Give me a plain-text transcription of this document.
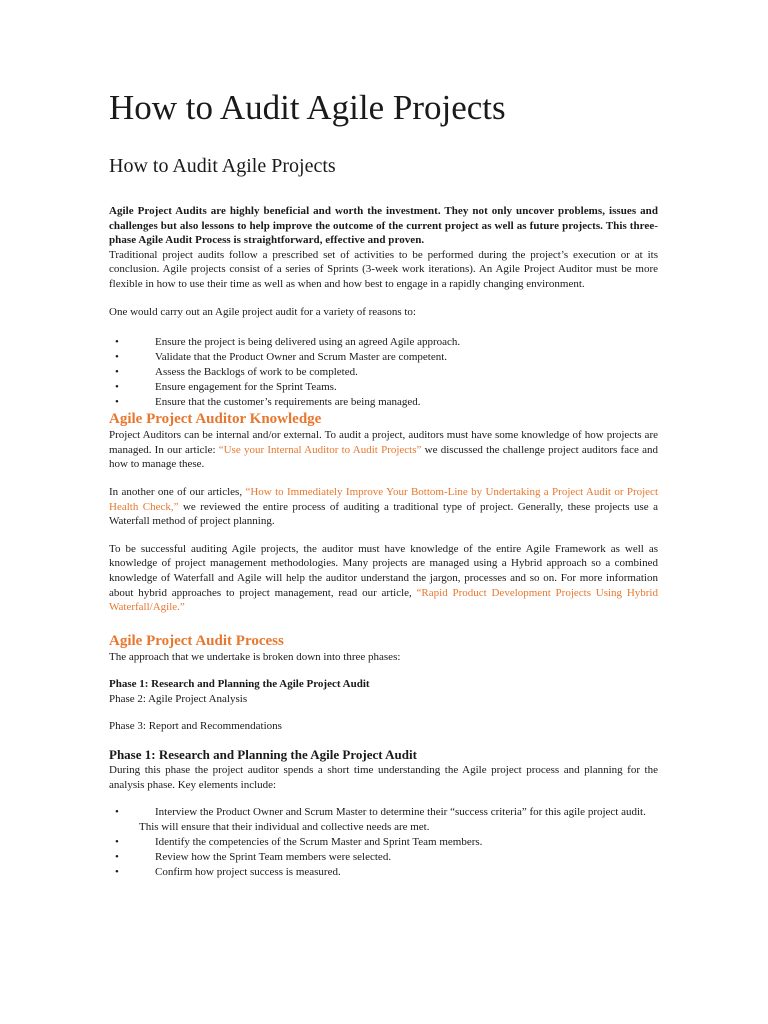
How to Audit Agile Projects
How to Audit Agile Projects

Agile Project Audits are highly beneficial and worth the investment. They not only uncover problems, issues and challenges but also lessons to help improve the outcome of the current project as well as future projects. This three-phase Agile Audit Process is straightforward, effective and proven.

Traditional project audits follow a prescribed set of activities to be performed during the project’s execution or at its conclusion. Agile projects consist of a series of Sprints (3-week work iterations). An Agile Project Auditor must be more flexible in how to use their time as well as when and how best to engage in a rapidly changing environment.

One would carry out an Agile project audit for a variety of reasons to:

•	Ensure the project is being delivered using an agreed Agile approach.
•	Validate that the Product Owner and Scrum Master are competent.
•	Assess the Backlogs of work to be completed.
•	Ensure engagement for the Sprint Teams.
•	Ensure that the customer’s requirements are being managed.
Agile Project Auditor Knowledge

Project Auditors can be internal and/or external. To audit a project, auditors must have some knowledge of how projects are managed. In our article: “Use your Internal Auditor to Audit Projects” we discussed the challenge project auditors face and how to manage these.

In another one of our articles, “How to Immediately Improve Your Bottom-Line by Undertaking a Project Audit or Project Health Check,” we reviewed the entire process of auditing a traditional type of project. Generally, these projects use a Waterfall method of project planning.

To be successful auditing Agile projects, the auditor must have knowledge of the entire Agile Framework as well as knowledge of project management methodologies. Many projects are managed using a Hybrid approach so a combined knowledge of Waterfall and Agile will help the auditor understand the jargon, processes and so on. For more information about hybrid approaches to project management, read our article, “Rapid Product Development Projects Using Hybrid Waterfall/Agile.”

Agile Project Audit Process

The approach that we undertake is broken down into three phases:

Phase 1: Research and Planning the Agile Project Audit

Phase 2: Agile Project Analysis

Phase 3: Report and Recommendations

Phase 1: Research and Planning the Agile Project Audit

During this phase the project auditor spends a short time understanding the Agile project process and planning for the analysis phase. Key elements include:

•	Interview the Product Owner and Scrum Master to determine their “success criteria” for this agile project audit. This will ensure that their individual and collective needs are met.
•	Identify the competencies of the Scrum Master and Sprint Team members.
•	Review how the Sprint Team members were selected.
•	Confirm how project success is measured.
